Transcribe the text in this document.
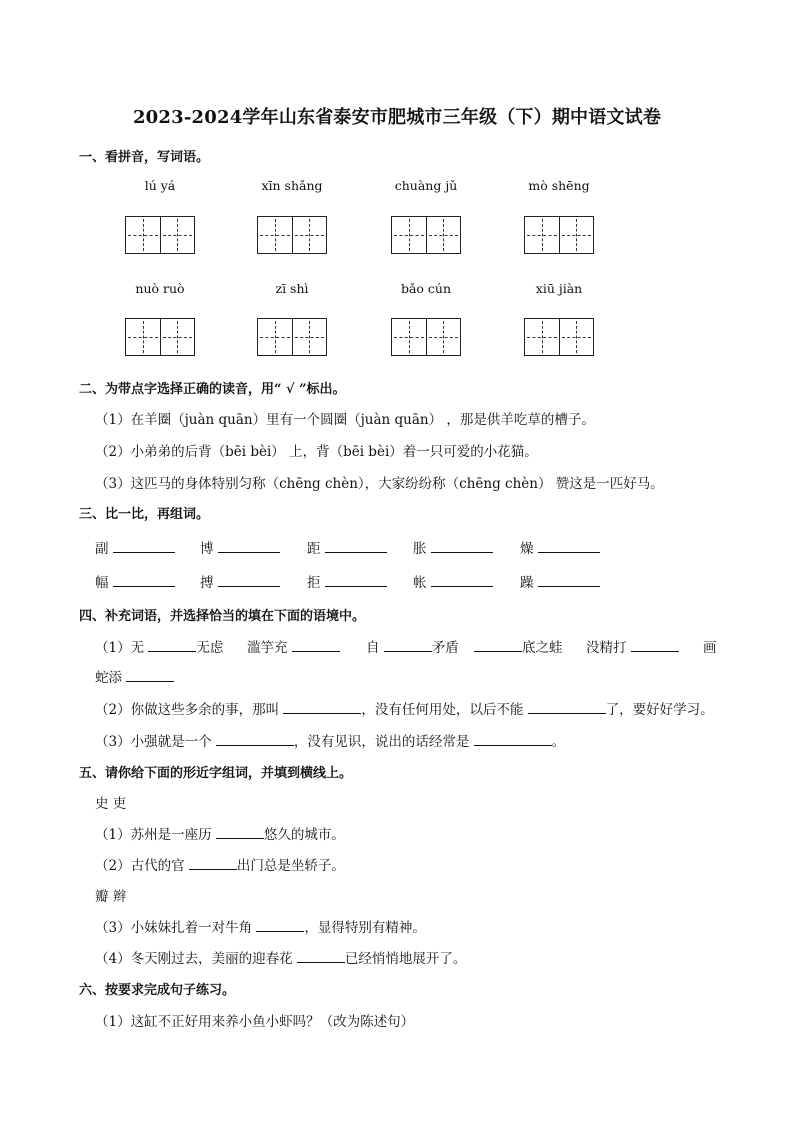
2023-2024学年山东省泰安市肥城市三年级（下）期中语文试卷
一、看拼音，写词语。
lú yá	xīn shǎng	chuàng jǔ	mò shēng
nuò ruò	zī shì	bǎo cún	xiū jiàn
二、为带点字选择正确的读音，用“ √ ”标出。
（1）在羊圈（juàn quān）里有一个圆圈（juàn quān） ，那是供羊吃草的槽子。
（2）小弟弟的后背（bēi bèi） 上，背（bēi bèi）着一只可爱的小花猫。
（3）这匹马的身体特别匀称（chēng chèn），大家纷纷称（chēng chèn） 赞这是一匹好马。
三、比一比，再组词。
副	博	距	胀	燥
幅	搏	拒	帐	躁
四、补充词语，并选择恰当的填在下面的语境中。
（1）无	无虑 滥竽充	自	矛盾	底之蛙 没精打	画
蛇添
（2）你做这些多余的事，那叫	，没有任何用处，以后不能	了，要好好学习。
（3）小强就是一个	，没有见识，说出的话经常是	。
五、请你给下面的形近字组词，并填到横线上。
史 吏
（1）苏州是一座历	悠久的城市。
（2）古代的官	出门总是坐轿子。
瓣 辫
（3）小妹妹扎着一对牛角	，显得特别有精神。
（4）冬天刚过去，美丽的迎春花	已经悄悄地展开了。
六、按要求完成句子练习。
（1）这缸不正好用来养小鱼小虾吗？（改为陈述句）
